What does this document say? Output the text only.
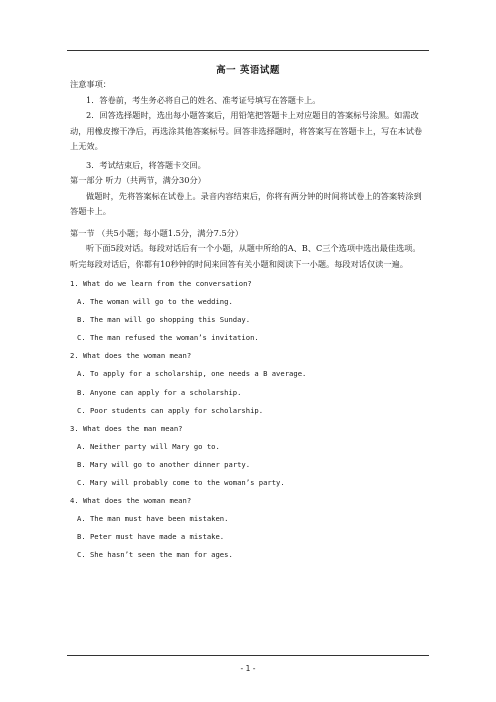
高一 英语试题

注意事项：

1．答卷前，考生务必将自己的姓名、准考证号填写在答题卡上。

2．回答选择题时，选出每小题答案后，用铅笔把答题卡上对应题目的答案标号涂黑。如需改动，用橡皮擦干净后，再选涂其他答案标号。回答非选择题时，将答案写在答题卡上，写在本试卷上无效。

3．考试结束后，将答题卡交回。

第一部分 听力（共两节，满分30分）

做题时，先将答案标在试卷上。录音内容结束后，你将有两分钟的时间将试卷上的答案转涂到答题卡上。

第一节 （共5小题；每小题1.5分，满分7.5分）

听下面5段对话。每段对话后有一个小题，从题中所给的A、B、C三个选项中选出最佳选项。听完每段对话后，你都有10秒钟的时间来回答有关小题和阅读下一小题。每段对话仅读一遍。

1. What do we learn from the conversation?

A. The woman will go to the wedding.

B. The man will go shopping this Sunday.

C. The man refused the woman’s invitation.

2. What does the woman mean?

A. To apply for a scholarship, one needs a B average.

B. Anyone can apply for a scholarship.

C. Poor students can apply for scholarship.

3. What does the man mean?

A. Neither party will Mary go to.

B. Mary will go to another dinner party.

C. Mary will probably come to the woman’s party.

4. What does the woman mean?

A. The man must have been mistaken.

B. Peter must have made a mistake.

C. She hasn’t seen the man for ages.

- 1 -
